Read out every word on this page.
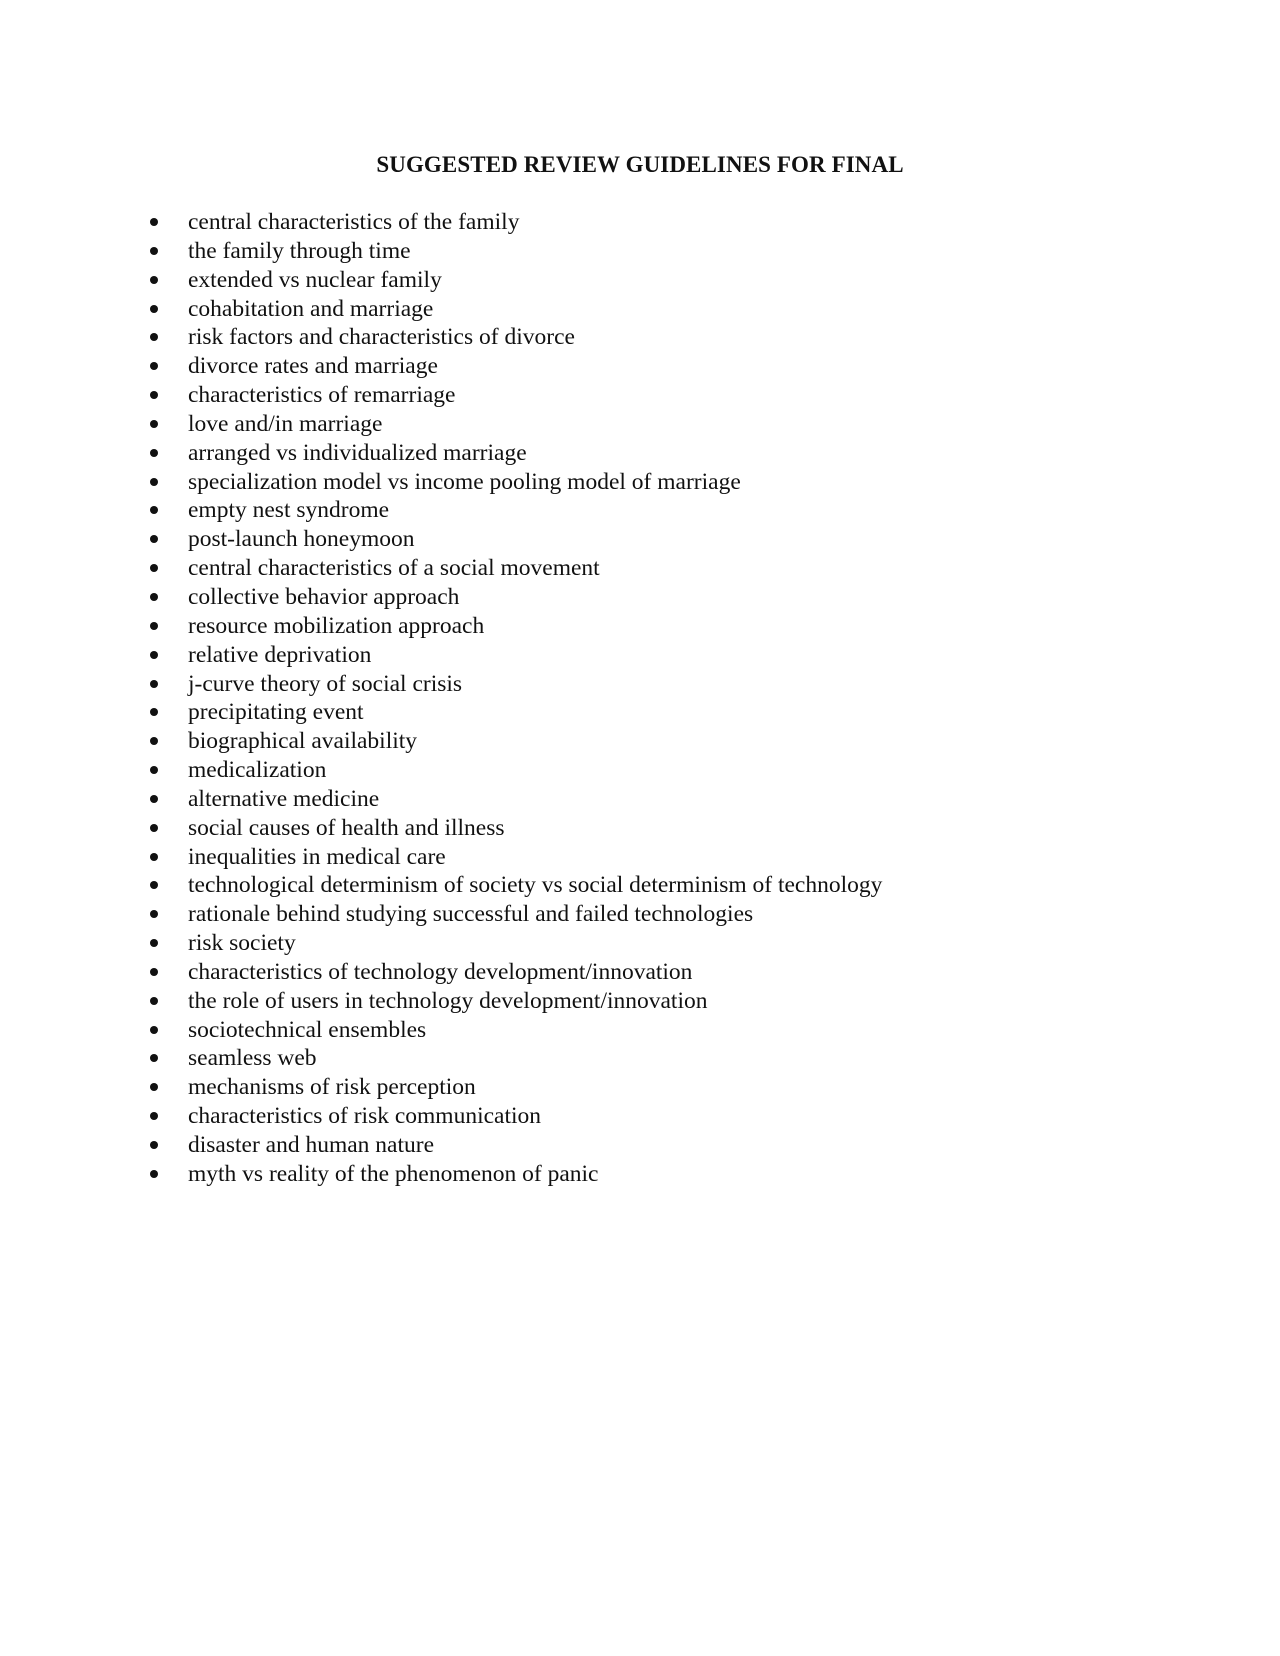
SUGGESTED REVIEW GUIDELINES FOR FINAL
central characteristics of the family
the family through time
extended vs nuclear family
cohabitation and marriage
risk factors and characteristics of divorce
divorce rates and marriage
characteristics of remarriage
love and/in marriage
arranged vs individualized marriage
specialization model vs income pooling model of marriage
empty nest syndrome
post-launch honeymoon
central characteristics of a social movement
collective behavior approach
resource mobilization approach
relative deprivation
j-curve theory of social crisis
precipitating event
biographical availability
medicalization
alternative medicine
social causes of health and illness
inequalities in medical care
technological determinism of society vs social determinism of technology
rationale behind studying successful and failed technologies
risk society
characteristics of technology development/innovation
the role of users in technology development/innovation
sociotechnical ensembles
seamless web
mechanisms of risk perception
characteristics of risk communication
disaster and human nature
myth vs reality of the phenomenon of panic
